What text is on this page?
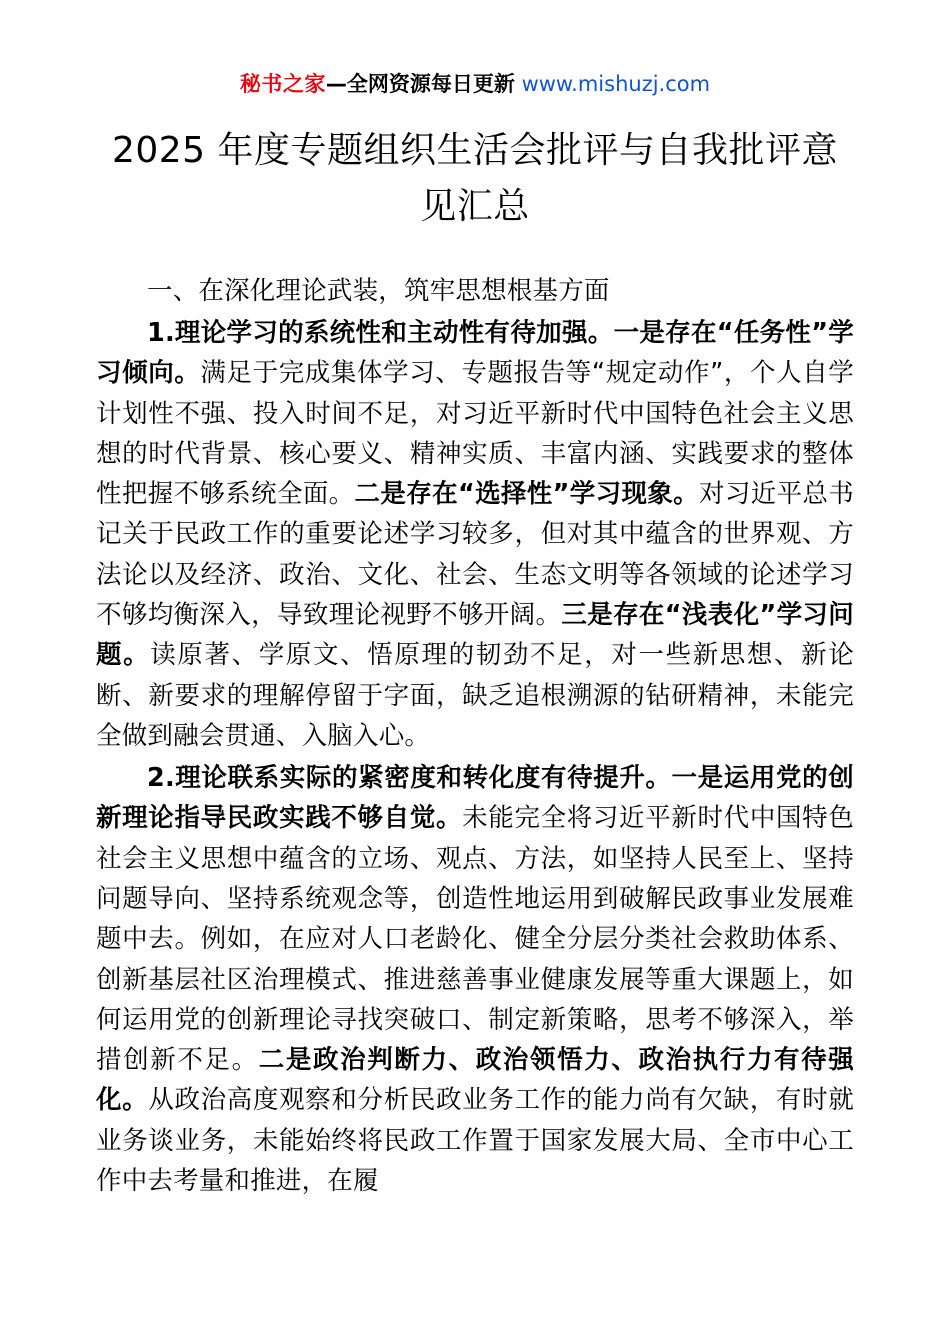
秘书之家—全网资源每日更新 www.mishuzj.com
2025 年度专题组织生活会批评与自我批评意见汇总

一、在深化理论武装，筑牢思想根基方面

1.理论学习的系统性和主动性有待加强。一是存在“任务性”学习倾向。满足于完成集体学习、专题报告等“规定动作”，个人自学计划性不强、投入时间不足，对习近平新时代中国特色社会主义思想的时代背景、核心要义、精神实质、丰富内涵、实践要求的整体性把握不够系统全面。二是存在“选择性”学习现象。对习近平总书记关于民政工作的重要论述学习较多，但对其中蕴含的世界观、方法论以及经济、政治、文化、社会、生态文明等各领域的论述学习不够均衡深入，导致理论视野不够开阔。三是存在“浅表化”学习问题。读原著、学原文、悟原理的韧劲不足，对一些新思想、新论断、新要求的理解停留于字面，缺乏追根溯源的钻研精神，未能完全做到融会贯通、入脑入心。

2.理论联系实际的紧密度和转化度有待提升。一是运用党的创新理论指导民政实践不够自觉。未能完全将习近平新时代中国特色社会主义思想中蕴含的立场、观点、方法，如坚持人民至上、坚持问题导向、坚持系统观念等，创造性地运用到破解民政事业发展难题中去。例如，在应对人口老龄化、健全分层分类社会救助体系、创新基层社区治理模式、推进慈善事业健康发展等重大课题上，如何运用党的创新理论寻找突破口、制定新策略，思考不够深入，举措创新不足。二是政治判断力、政治领悟力、政治执行力有待强化。从政治高度观察和分析民政业务工作的能力尚有欠缺，有时就业务谈业务，未能始终将民政工作置于国家发展大局、全市中心工作中去考量和推进，在履
